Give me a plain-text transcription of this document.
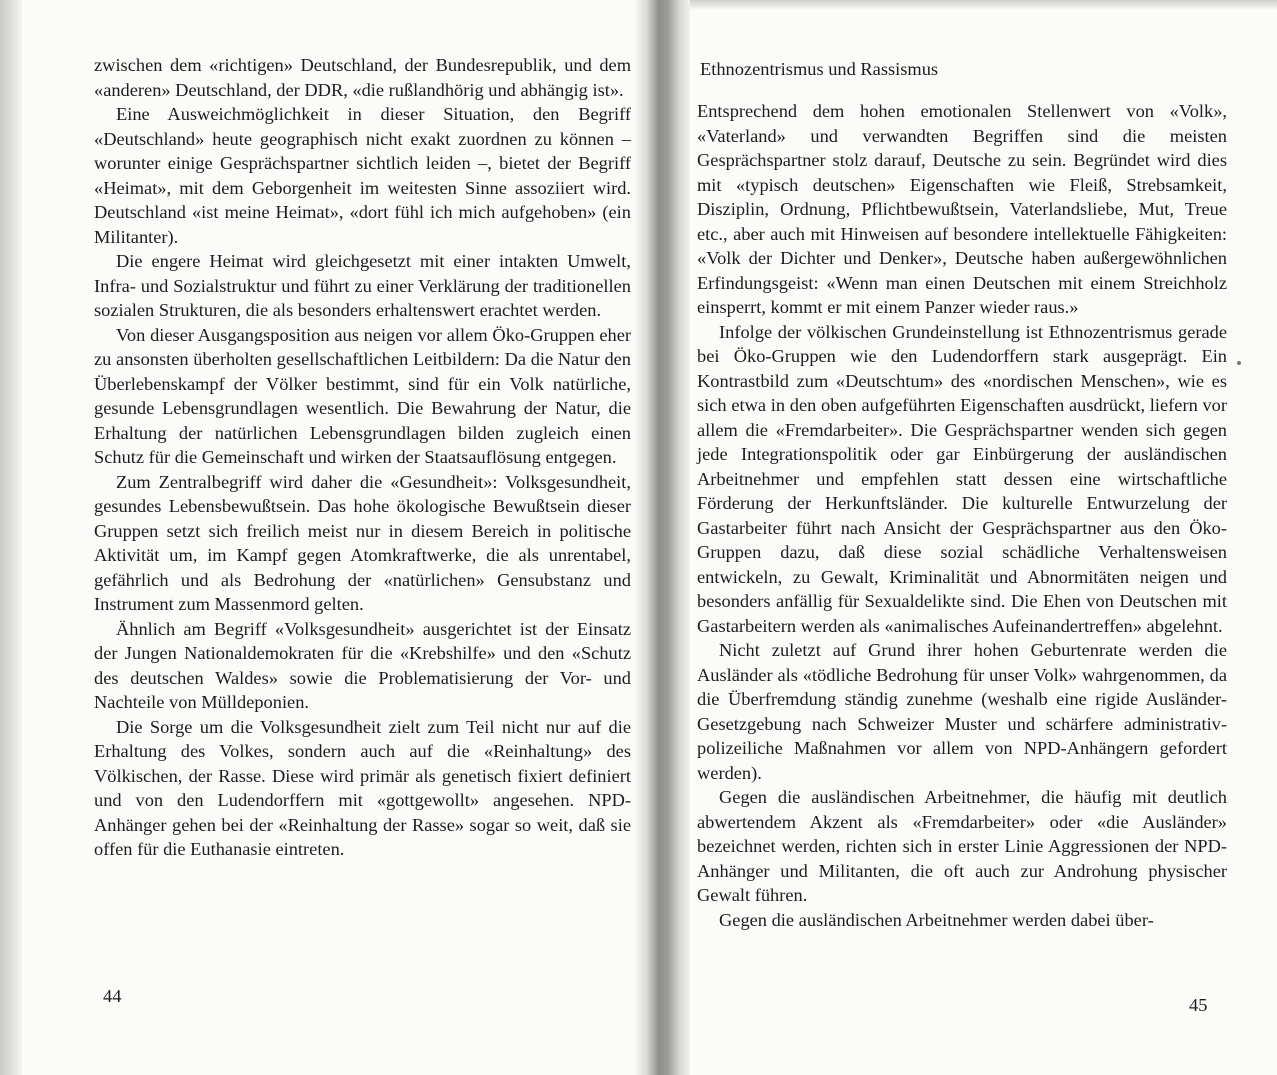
zwischen dem «richtigen» Deutschland, der Bundesrepublik, und dem «anderen» Deutschland, der DDR, «die rußlandhörig und abhängig ist».

Eine Ausweichmöglichkeit in dieser Situation, den Begriff «Deutschland» heute geographisch nicht exakt zuordnen zu können – worunter einige Gesprächspartner sichtlich leiden –, bietet der Begriff «Heimat», mit dem Geborgenheit im weitesten Sinne assoziiert wird. Deutschland «ist meine Heimat», «dort fühl ich mich aufgehoben» (ein Militanter).

Die engere Heimat wird gleichgesetzt mit einer intakten Umwelt, Infra- und Sozialstruktur und führt zu einer Verklärung der traditionellen sozialen Strukturen, die als besonders erhaltenswert erachtet werden.

Von dieser Ausgangsposition aus neigen vor allem Öko-Gruppen eher zu ansonsten überholten gesellschaftlichen Leitbildern: Da die Natur den Überlebenskampf der Völker bestimmt, sind für ein Volk natürliche, gesunde Lebensgrundlagen wesentlich. Die Bewahrung der Natur, die Erhaltung der natürlichen Lebensgrundlagen bilden zugleich einen Schutz für die Gemeinschaft und wirken der Staatsauflösung entgegen.

Zum Zentralbegriff wird daher die «Gesundheit»: Volksgesundheit, gesundes Lebensbewußtsein. Das hohe ökologische Bewußtsein dieser Gruppen setzt sich freilich meist nur in diesem Bereich in politische Aktivität um, im Kampf gegen Atomkraftwerke, die als unrentabel, gefährlich und als Bedrohung der «natürlichen» Gensubstanz und Instrument zum Massenmord gelten.

Ähnlich am Begriff «Volksgesundheit» ausgerichtet ist der Einsatz der Jungen Nationaldemokraten für die «Krebshilfe» und den «Schutz des deutschen Waldes» sowie die Problematisierung der Vor- und Nachteile von Mülldeponien.

Die Sorge um die Volksgesundheit zielt zum Teil nicht nur auf die Erhaltung des Volkes, sondern auch auf die «Reinhaltung» des Völkischen, der Rasse. Diese wird primär als genetisch fixiert definiert und von den Ludendorffern mit «gottgewollt» angesehen. NPD-Anhänger gehen bei der «Reinhaltung der Rasse» sogar so weit, daß sie offen für die Euthanasie eintreten.

44
Ethnozentrismus und Rassismus

Entsprechend dem hohen emotionalen Stellenwert von «Volk», «Vaterland» und verwandten Begriffen sind die meisten Gesprächspartner stolz darauf, Deutsche zu sein. Begründet wird dies mit «typisch deutschen» Eigenschaften wie Fleiß, Strebsamkeit, Disziplin, Ordnung, Pflichtbewußtsein, Vaterlandsliebe, Mut, Treue etc., aber auch mit Hinweisen auf besondere intellektuelle Fähigkeiten: «Volk der Dichter und Denker», Deutsche haben außergewöhnlichen Erfindungsgeist: «Wenn man einen Deutschen mit einem Streichholz einsperrt, kommt er mit einem Panzer wieder raus.»

Infolge der völkischen Grundeinstellung ist Ethnozentrismus gerade bei Öko-Gruppen wie den Ludendorffern stark ausgeprägt. Ein Kontrastbild zum «Deutschtum» des «nordischen Menschen», wie es sich etwa in den oben aufgeführten Eigenschaften ausdrückt, liefern vor allem die «Fremdarbeiter». Die Gesprächspartner wenden sich gegen jede Integrationspolitik oder gar Einbürgerung der ausländischen Arbeitnehmer und empfehlen statt dessen eine wirtschaftliche Förderung der Herkunftsländer. Die kulturelle Entwurzelung der Gastarbeiter führt nach Ansicht der Gesprächspartner aus den Öko-Gruppen dazu, daß diese sozial schädliche Verhaltensweisen entwickeln, zu Gewalt, Kriminalität und Abnormitäten neigen und besonders anfällig für Sexualdelikte sind. Die Ehen von Deutschen mit Gastarbeitern werden als «animalisches Aufeinandertreffen» abgelehnt.

Nicht zuletzt auf Grund ihrer hohen Geburtenrate werden die Ausländer als «tödliche Bedrohung für unser Volk» wahrgenommen, da die Überfremdung ständig zunehme (weshalb eine rigide Ausländer-Gesetzgebung nach Schweizer Muster und schärfere administrativ-polizeiliche Maßnahmen vor allem von NPD-Anhängern gefordert werden).

Gegen die ausländischen Arbeitnehmer, die häufig mit deutlich abwertendem Akzent als «Fremdarbeiter» oder «die Ausländer» bezeichnet werden, richten sich in erster Linie Aggressionen der NPD-Anhänger und Militanten, die oft auch zur Androhung physischer Gewalt führen.

Gegen die ausländischen Arbeitnehmer werden dabei über-

45
